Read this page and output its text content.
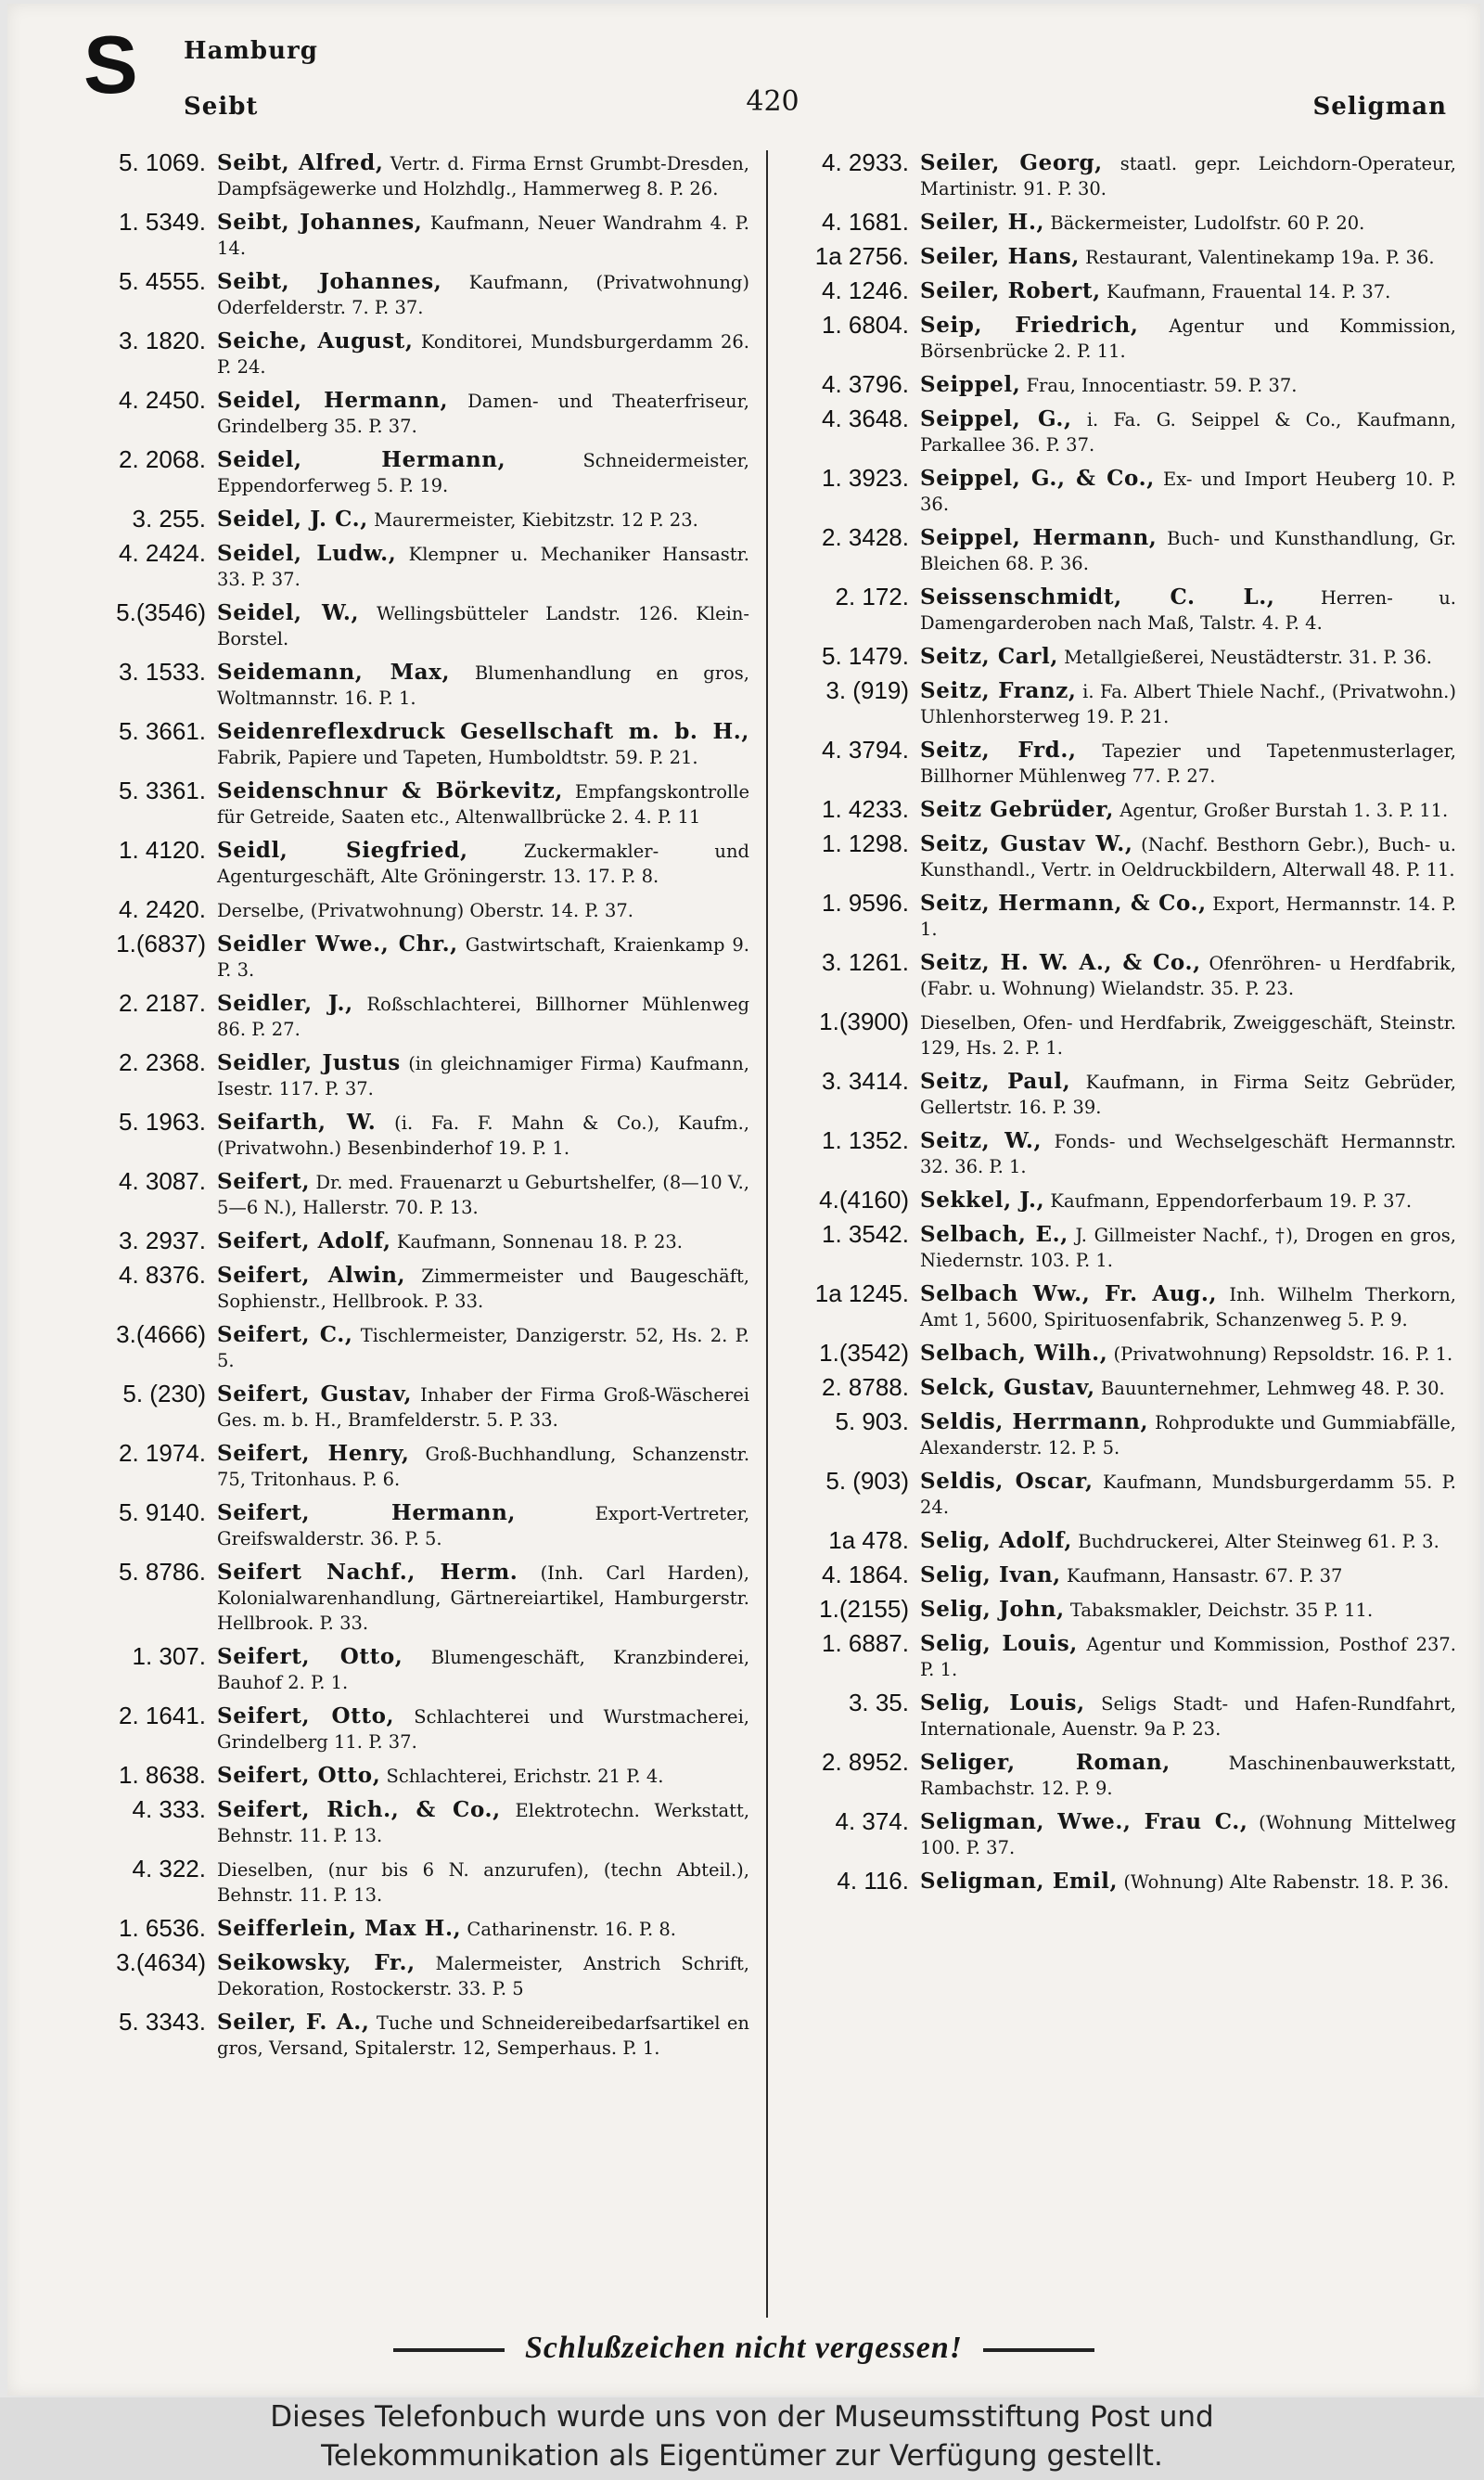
S Hamburg
Seibt	420	Seligman
5. 1069. Seibt, Alfred, Vertr. d. Firma Ernst Grumbt-Dresden, Dampfsägewerke und Holzhdlg., Hammerweg 8. P. 26.
1. 5349. Seibt, Johannes, Kaufmann, Neuer Wandrahm 4. P. 14.
5. 4555. Seibt, Johannes, Kaufmann, (Privatwohnung) Oderfelderstr. 7. P. 37.
3. 1820. Seiche, August, Konditorei, Mundsburgerdamm 26. P. 24.
4. 2450. Seidel, Hermann, Damen- und Theaterfriseur, Grindelberg 35. P. 37.
2. 2068. Seidel, Hermann,	Schneidermeister, Eppendorferweg 5. P. 19.
3. 255. Seidel, J. C., Maurermeister, Kiebitzstr. 12 P. 23.
4. 2424. Seidel, Ludw., Klempner u. Mechaniker Hansastr. 33. P. 37.
5.(3546) Seidel, W., Wellingsbütteler Landstr. 126. Klein-Borstel.
3. 1533. Seidemann, Max, Blumenhandlung en gros, Woltmannstr. 16. P. 1.
5. 3661. Seidenreflexdruck Gesellschaft m. b. H., Fabrik, Papiere und Tapeten, Humboldtstr. 59. P. 21.
5. 3361. Seidenschnur & Börkevitz, Empfangskontrolle für Getreide, Saaten etc., Altenwallbrücke 2. 4. P. 11
1. 4120. Seidl, Siegfried,	Zuckermakler- und Agenturgeschäft, Alte Gröningerstr. 13. 17. P. 8.
4. 2420. Derselbe, (Privatwohnung) Oberstr. 14. P. 37.
1.(6837) Seidler Wwe., Chr., Gastwirtschaft, Kraienkamp 9. P. 3.
2. 2187. Seidler, J., Roßschlachterei, Billhorner Mühlenweg 86. P. 27.
2. 2368. Seidler, Justus (in gleichnamiger Firma) Kaufmann, Isestr. 117. P. 37.
5. 1963. Seifarth, W. (i. Fa. F. Mahn & Co.), Kaufm., (Privatwohn.) Besenbinderhof 19. P. 1.
4. 3087. Seifert, Dr. med. Frauenarzt u Geburtshelfer, (8—10 V., 5—6 N.), Hallerstr. 70. P. 13.
3. 2937. Seifert, Adolf, Kaufmann, Sonnenau 18. P. 23.
4. 8376. Seifert, Alwin, Zimmermeister und Baugeschäft, Sophienstr., Hellbrook. P. 33.
3.(4666) Seifert, C., Tischlermeister, Danzigerstr. 52, Hs. 2. P. 5.
5. (230) Seifert, Gustav, Inhaber der Firma Groß-Wäscherei Ges. m. b. H., Bramfelderstr. 5. P. 33.
2. 1974. Seifert, Henry, Groß-Buchhandlung, Schanzenstr. 75, Tritonhaus. P. 6.
5. 9140. Seifert, Hermann,	Export-Vertreter, Greifswalderstr. 36. P. 5.
5. 8786. Seifert Nachf., Herm. (Inh. Carl Harden), Kolonialwarenhandlung, Gärtnereiartikel, Hamburgerstr. Hellbrook. P. 33.
1. 307. Seifert, Otto, Blumengeschäft, Kranzbinderei, Bauhof 2. P. 1.
2. 1641. Seifert, Otto, Schlachterei und Wurstmacherei, Grindelberg 11. P. 37.
1. 8638. Seifert, Otto, Schlachterei, Erichstr. 21 P. 4.
4. 333. Seifert, Rich., & Co., Elektrotechn. Werkstatt, Behnstr. 11. P. 13.
4. 322. Dieselben, (nur bis 6 N. anzurufen), (techn Abteil.), Behnstr. 11. P. 13.
1. 6536. Seifferlein, Max H., Catharinenstr. 16. P. 8.
3.(4634) Seikowsky, Fr., Malermeister, Anstrich Schrift, Dekoration, Rostockerstr. 33. P. 5
5. 3343. Seiler, F. A., Tuche und Schneidereibedarfsartikel en gros, Versand, Spitalerstr. 12, Semperhaus. P. 1.
4. 2933. Seiler, Georg, staatl. gepr. Leichdorn-Operateur, Martinistr. 91. P. 30.
4. 1681. Seiler, H., Bäckermeister, Ludolfstr. 60 P. 20.
1a 2756. Seiler, Hans, Restaurant, Valentinekamp 19a. P. 36.
4. 1246. Seiler, Robert, Kaufmann, Frauental 14. P. 37.
1. 6804. Seip, Friedrich, Agentur und Kommission, Börsenbrücke 2. P. 11.
4. 3796. Seippel, Frau, Innocentiastr. 59. P. 37.
4. 3648. Seippel, G., i. Fa. G. Seippel & Co., Kaufmann, Parkallee 36. P. 37.
1. 3923. Seippel, G., & Co., Ex- und Import Heuberg 10. P. 36.
2. 3428. Seippel, Hermann, Buch- und Kunsthandlung, Gr. Bleichen 68. P. 36.
2. 172. Seissenschmidt, C. L.,	Herren- u. Damengarderoben nach Maß, Talstr. 4. P. 4.
5. 1479. Seitz, Carl, Metallgießerei, Neustädterstr. 31. P. 36.
3. (919) Seitz, Franz, i. Fa. Albert Thiele Nachf., (Privatwohn.) Uhlenhorsterweg 19. P. 21.
4. 3794. Seitz, Frd., Tapezier und Tapetenmusterlager, Billhorner Mühlenweg 77. P. 27.
1. 4233. Seitz Gebrüder, Agentur, Großer Burstah 1. 3. P. 11.
1. 1298. Seitz, Gustav W., (Nachf. Besthorn Gebr.), Buch- u. Kunsthandl., Vertr. in Oeldruckbildern, Alterwall 48. P. 11.
1. 9596. Seitz, Hermann, & Co., Export, Hermannstr. 14. P. 1.
3. 1261. Seitz, H. W. A., & Co., Ofenröhren- u Herdfabrik, (Fabr. u. Wohnung) Wielandstr. 35. P. 23.
1.(3900) Dieselben, Ofen- und Herdfabrik, Zweiggeschäft, Steinstr. 129, Hs. 2. P. 1.
3. 3414. Seitz, Paul, Kaufmann, in Firma Seitz Gebrüder, Gellertstr. 16. P. 39.
1. 1352. Seitz, W., Fonds- und Wechselgeschäft Hermannstr. 32. 36. P. 1.
4.(4160) Sekkel, J., Kaufmann, Eppendorferbaum 19. P. 37.
1. 3542. Selbach, E., J. Gillmeister Nachf., †), Drogen en gros, Niedernstr. 103. P. 1.
1a 1245. Selbach Ww., Fr. Aug., Inh. Wilhelm Therkorn, Amt 1, 5600, Spirituosenfabrik, Schanzenweg 5. P. 9.
1.(3542) Selbach, Wilh., (Privatwohnung) Repsoldstr. 16. P. 1.
2. 8788. Selck, Gustav, Bauunternehmer, Lehmweg 48. P. 30.
5. 903. Seldis, Herrmann, Rohprodukte und Gummiabfälle, Alexanderstr. 12. P. 5.
5. (903) Seldis, Oscar, Kaufmann, Mundsburgerdamm 55. P. 24.
1a 478. Selig, Adolf, Buchdruckerei, Alter Steinweg 61. P. 3.
4. 1864. Selig, Ivan, Kaufmann, Hansastr. 67. P. 37
1.(2155) Selig, John, Tabaksmakler, Deichstr. 35 P. 11.
1. 6887. Selig, Louis, Agentur und Kommission, Posthof 237. P. 1.
3. 35. Selig, Louis, Seligs Stadt- und Hafen-Rundfahrt, Internationale, Auenstr. 9a P. 23.
2. 8952. Seliger, Roman,	Maschinenbauwerkstatt, Rambachstr. 12. P. 9.
4. 374. Seligman, Wwe., Frau C., (Wohnung Mittelweg 100. P. 37.
4. 116. Seligman, Emil, (Wohnung) Alte Rabenstr. 18. P. 36.
Schlußzeichen nicht vergessen!
Dieses Telefonbuch wurde uns von der Museumsstiftung Post und
Telekommunikation als Eigentümer zur Verfügung gestellt.
